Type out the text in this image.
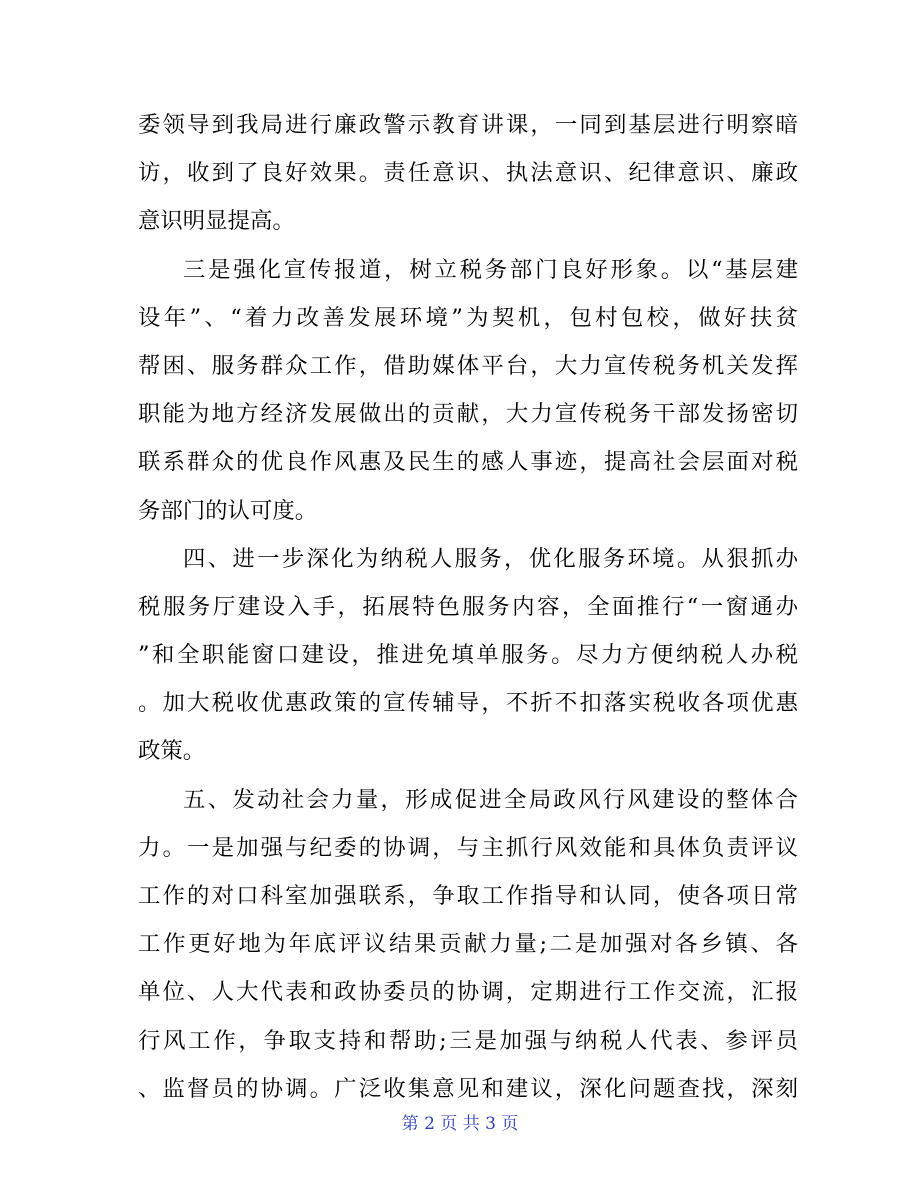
委领导到我局进行廉政警示教育讲课，一同到基层进行明察暗
访，收到了良好效果。责任意识、执法意识、纪律意识、廉政
意识明显提高。
三是强化宣传报道，树立税务部门良好形象。以“基层建
设年”、“着力改善发展环境”为契机，包村包校，做好扶贫
帮困、服务群众工作，借助媒体平台，大力宣传税务机关发挥
职能为地方经济发展做出的贡献，大力宣传税务干部发扬密切
联系群众的优良作风惠及民生的感人事迹，提高社会层面对税
务部门的认可度。
四、进一步深化为纳税人服务，优化服务环境。从狠抓办
税服务厅建设入手，拓展特色服务内容，全面推行“一窗通办
”和全职能窗口建设，推进免填单服务。尽力方便纳税人办税
。加大税收优惠政策的宣传辅导，不折不扣落实税收各项优惠
政策。
五、发动社会力量，形成促进全局政风行风建设的整体合
力。一是加强与纪委的协调，与主抓行风效能和具体负责评议
工作的对口科室加强联系，争取工作指导和认同，使各项日常
工作更好地为年底评议结果贡献力量;二是加强对各乡镇、各
单位、人大代表和政协委员的协调，定期进行工作交流，汇报
行风工作，争取支持和帮助;三是加强与纳税人代表、参评员
、监督员的协调。广泛收集意见和建议，深化问题查找，深刻
第 2 页 共 3 页
